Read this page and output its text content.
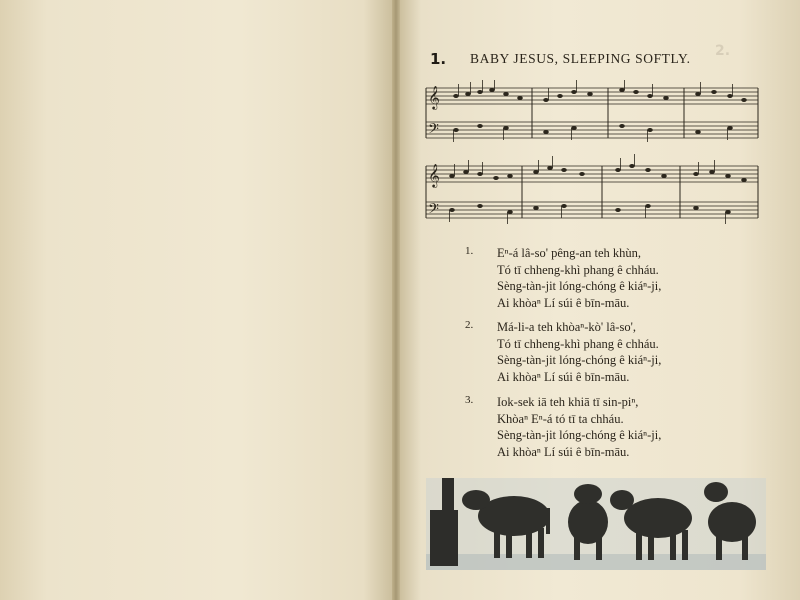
2.
1. BABY JESUS, SLEEPING SOFTLY.
𝄞
𝄢
𝄞
𝄢
1. Eⁿ-á lâ-so' pêng-an teh khùn,
Tó tī chheng-khì phang ê chháu.
Sèng-tàn-jit lóng-chóng ê kiáⁿ-ji,
Ai khòaⁿ Lí súi ê bīn-māu.
2. Má-li-a teh khòaⁿ-kò' lâ-so',
Tó tī chheng-khì phang ê chháu.
Sèng-tàn-jit lóng-chóng ê kiáⁿ-ji,
Ai khòaⁿ Lí súi ê bīn-māu.
3. Iok-sek iā teh khiā tī sin-piⁿ,
Khòaⁿ Eⁿ-á tó tī ta chháu.
Sèng-tàn-jit lóng-chóng ê kiáⁿ-ji,
Ai khòaⁿ Lí súi ê bīn-māu.
